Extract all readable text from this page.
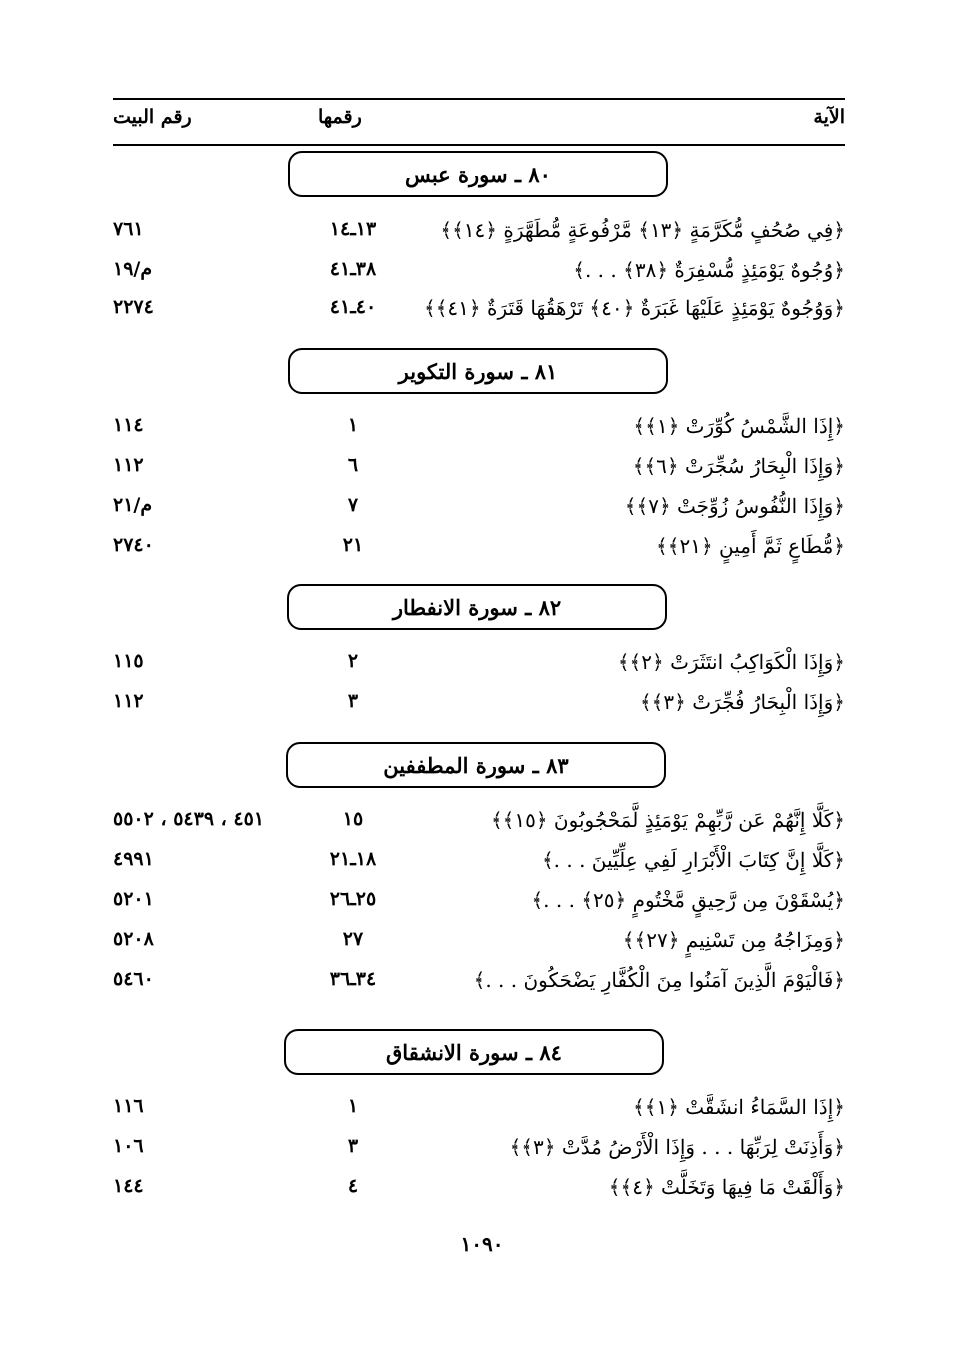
الآية
رقمها
رقم البيت
٨٠ ـ سورة عبس
﴿فِي صُحُفٍ مُّكَرَّمَةٍ ﴿١٣﴾ مَّرْفُوعَةٍ مُّطَهَّرَةٍ ﴿١٤﴾﴾
١٣ـ١٤
٧٦١
﴿وُجُوهٌ يَوْمَئِذٍ مُّسْفِرَةٌ ﴿٣٨﴾ . . .﴾
٣٨ـ٤١
م/١٩
﴿وَوُجُوهٌ يَوْمَئِذٍ عَلَيْهَا غَبَرَةٌ ﴿٤٠﴾ تَرْهَقُهَا قَتَرَةٌ ﴿٤١﴾﴾
٤٠ـ٤١
٢٢٧٤
٨١ ـ سورة التكوير
﴿إِذَا الشَّمْسُ كُوِّرَتْ ﴿١﴾﴾
١
١١٤
﴿وَإِذَا الْبِحَارُ سُجِّرَتْ ﴿٦﴾﴾
٦
١١٢
﴿وَإِذَا النُّفُوسُ زُوِّجَتْ ﴿٧﴾﴾
٧
م/٢١
﴿مُّطَاعٍ ثَمَّ أَمِينٍ ﴿٢١﴾﴾
٢١
٢٧٤٠
٨٢ ـ سورة الانفطار
﴿وَإِذَا الْكَوَاكِبُ انتَثَرَتْ ﴿٢﴾﴾
٢
١١٥
﴿وَإِذَا الْبِحَارُ فُجِّرَتْ ﴿٣﴾﴾
٣
١١٢
٨٣ ـ سورة المطففين
﴿كَلَّا إِنَّهُمْ عَن رَّبِّهِمْ يَوْمَئِذٍ لَّمَحْجُوبُونَ ﴿١٥﴾﴾
١٥
٤٥١ ، ٥٤٣٩ ، ٥٥٠٢
﴿كَلَّا إِنَّ كِتَابَ الْأَبْرَارِ لَفِي عِلِّيِّينَ . . .﴾
١٨ـ٢١
٤٩٩١
﴿يُسْقَوْنَ مِن رَّحِيقٍ مَّخْتُومٍ ﴿٢٥﴾ . . .﴾
٢٥ـ٢٦
٥٢٠١
﴿وَمِزَاجُهُ مِن تَسْنِيمٍ ﴿٢٧﴾﴾
٢٧
٥٢٠٨
﴿فَالْيَوْمَ الَّذِينَ آمَنُوا مِنَ الْكُفَّارِ يَضْحَكُونَ . . .﴾
٣٤ـ٣٦
٥٤٦٠
٨٤ ـ سورة الانشقاق
﴿إِذَا السَّمَاءُ انشَقَّتْ ﴿١﴾﴾
١
١١٦
﴿وَأَذِنَتْ لِرَبِّهَا . . . وَإِذَا الْأَرْضُ مُدَّتْ ﴿٣﴾﴾
٣
١٠٦
﴿وَأَلْقَتْ مَا فِيهَا وَتَخَلَّتْ ﴿٤﴾﴾
٤
١٤٤
١٠٩٠
